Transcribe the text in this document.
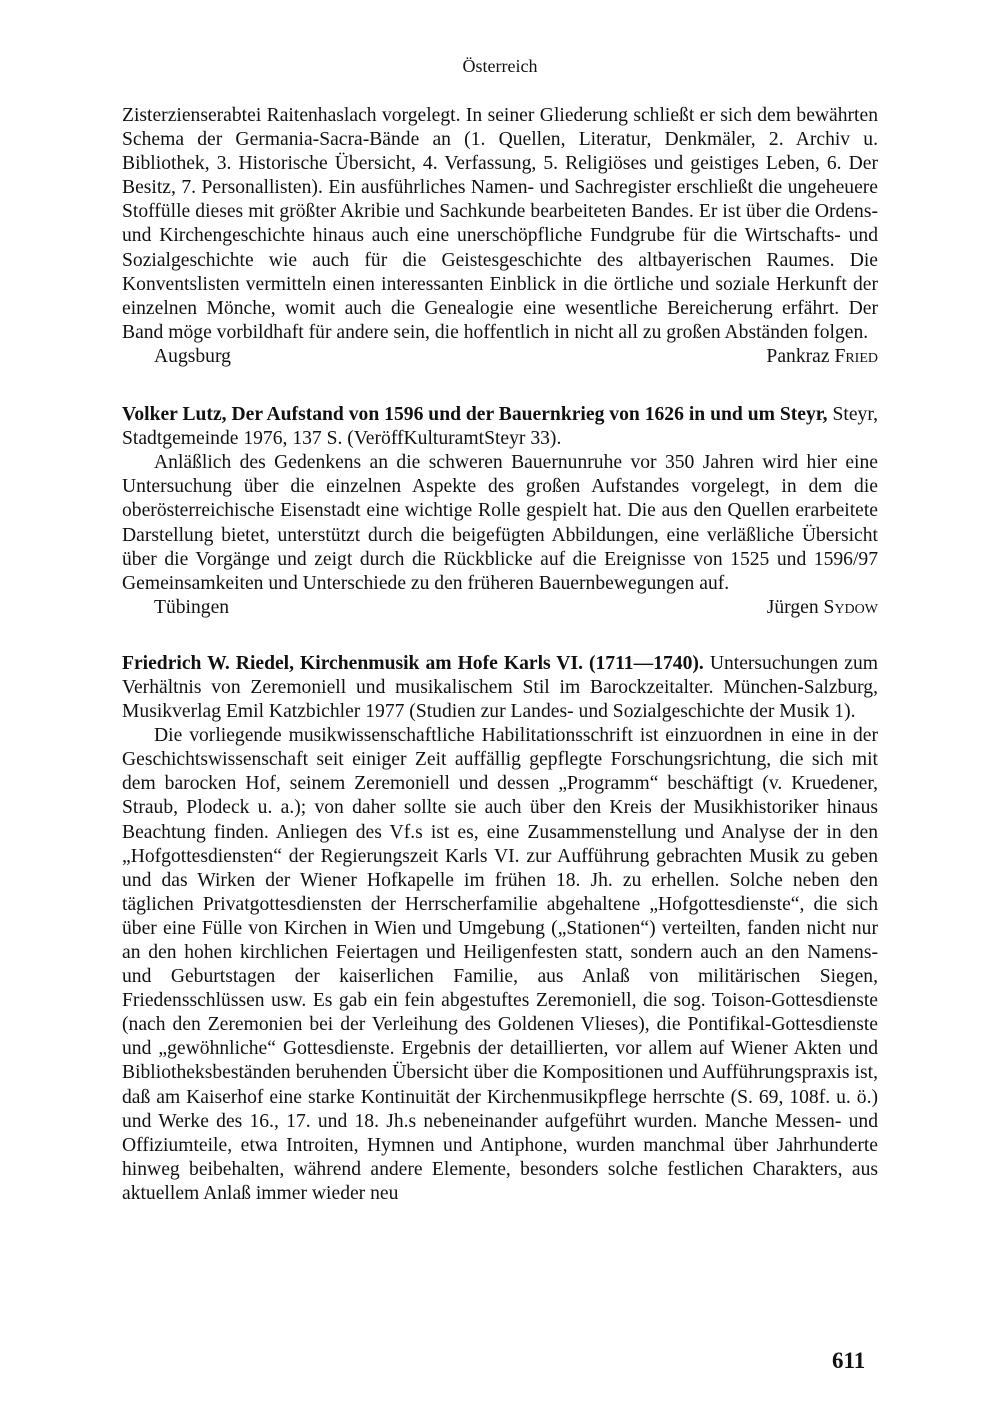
Österreich

Zisterzienserabtei Raitenhaslach vorgelegt. In seiner Gliederung schließt er sich dem bewährten Schema der Germania-Sacra-Bände an (1. Quellen, Literatur, Denkmäler, 2. Archiv u. Bibliothek, 3. Historische Übersicht, 4. Verfassung, 5. Religiöses und geistiges Leben, 6. Der Besitz, 7. Personallisten). Ein ausführliches Namen- und Sachregister erschließt die ungeheuere Stoffülle dieses mit größter Akribie und Sachkunde bearbeiteten Bandes. Er ist über die Ordens- und Kirchengeschichte hinaus auch eine unerschöpfliche Fundgrube für die Wirtschafts- und Sozialgeschichte wie auch für die Geistesgeschichte des altbayerischen Raumes. Die Konventslisten vermitteln einen interessanten Einblick in die örtliche und soziale Herkunft der einzelnen Mönche, womit auch die Genealogie eine wesentliche Bereicherung erfährt. Der Band möge vorbildhaft für andere sein, die hoffentlich in nicht all zu großen Abständen folgen.

Augsburg	Pankraz Fried

Volker Lutz, Der Aufstand von 1596 und der Bauernkrieg von 1626 in und um Steyr, Steyr, Stadtgemeinde 1976, 137 S. (VeröffKulturamtSteyr 33).

Anläßlich des Gedenkens an die schweren Bauernunruhe vor 350 Jahren wird hier eine Untersuchung über die einzelnen Aspekte des großen Aufstandes vorgelegt, in dem die oberösterreichische Eisenstadt eine wichtige Rolle gespielt hat. Die aus den Quellen erarbeitete Darstellung bietet, unterstützt durch die beigefügten Abbildungen, eine verläßliche Übersicht über die Vorgänge und zeigt durch die Rückblicke auf die Ereignisse von 1525 und 1596/97 Gemeinsamkeiten und Unterschiede zu den früheren Bauernbewegungen auf.

Tübingen	Jürgen Sydow

Friedrich W. Riedel, Kirchenmusik am Hofe Karls VI. (1711—1740). Untersuchungen zum Verhältnis von Zeremoniell und musikalischem Stil im Barockzeitalter. München-Salzburg, Musikverlag Emil Katzbichler 1977 (Studien zur Landes- und Sozialgeschichte der Musik 1).

Die vorliegende musikwissenschaftliche Habilitationsschrift ist einzuordnen in eine in der Geschichtswissenschaft seit einiger Zeit auffällig gepflegte Forschungsrichtung, die sich mit dem barocken Hof, seinem Zeremoniell und dessen „Programm“ beschäftigt (v. Kruedener, Straub, Plodeck u. a.); von daher sollte sie auch über den Kreis der Musikhistoriker hinaus Beachtung finden. Anliegen des Vf.s ist es, eine Zusammenstellung und Analyse der in den „Hofgottesdiensten“ der Regierungszeit Karls VI. zur Aufführung gebrachten Musik zu geben und das Wirken der Wiener Hofkapelle im frühen 18. Jh. zu erhellen. Solche neben den täglichen Privatgottesdiensten der Herrscherfamilie abgehaltene „Hofgottesdienste“, die sich über eine Fülle von Kirchen in Wien und Umgebung („Stationen“) verteilten, fanden nicht nur an den hohen kirchlichen Feiertagen und Heiligenfesten statt, sondern auch an den Namens- und Geburtstagen der kaiserlichen Familie, aus Anlaß von militärischen Siegen, Friedensschlüssen usw. Es gab ein fein abgestuftes Zeremoniell, die sog. Toison-Gottesdienste (nach den Zeremonien bei der Verleihung des Goldenen Vlieses), die Pontifikal-Gottesdienste und „gewöhnliche“ Gottesdienste. Ergebnis der detaillierten, vor allem auf Wiener Akten und Bibliotheksbeständen beruhenden Übersicht über die Kompositionen und Aufführungspraxis ist, daß am Kaiserhof eine starke Kontinuität der Kirchenmusikpflege herrschte (S. 69, 108f. u. ö.) und Werke des 16., 17. und 18. Jh.s nebeneinander aufgeführt wurden. Manche Messen- und Offiziumteile, etwa Introiten, Hymnen und Antiphone, wurden manchmal über Jahrhunderte hinweg beibehalten, während andere Elemente, besonders solche festlichen Charakters, aus aktuellem Anlaß immer wieder neu

611
